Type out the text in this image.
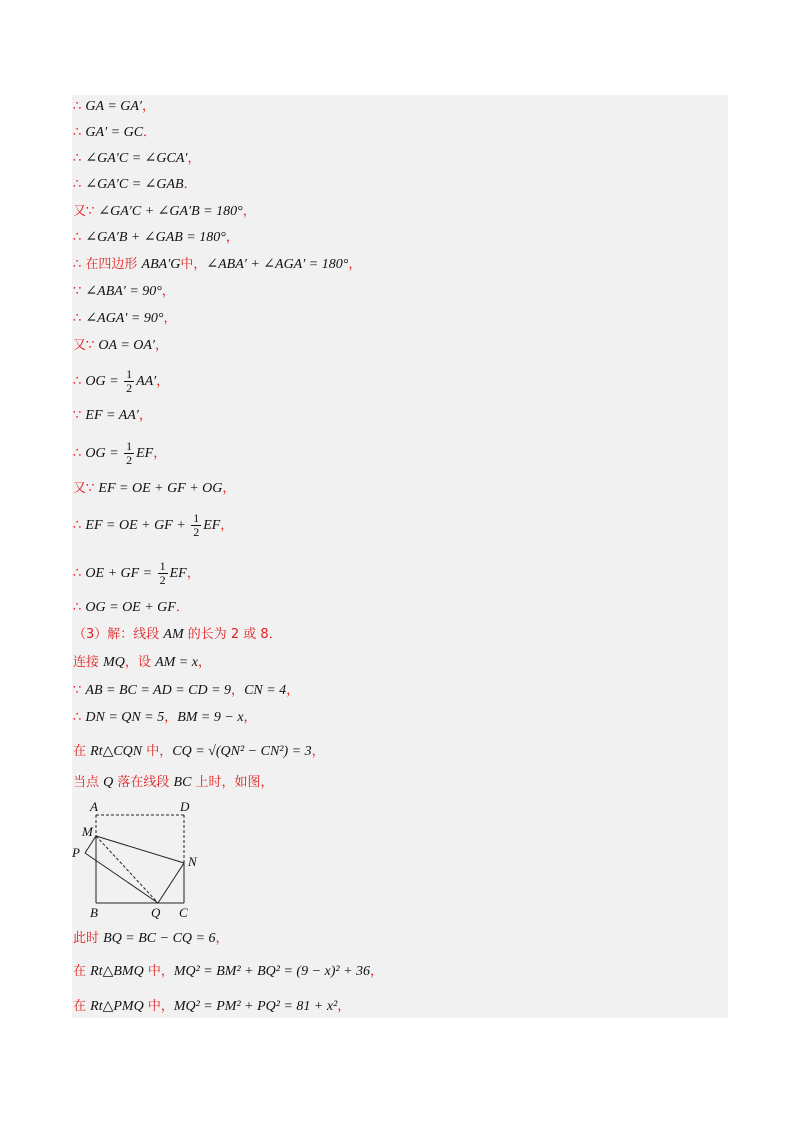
∴ GA = GA′，
∴ GA′ = GC．
∴ ∠GA′C = ∠GCA′，
∴ ∠GA′C = ∠GAB．
又∵ ∠GA′C + ∠GA′B = 180°，
∴ ∠GA′B + ∠GAB = 180°，
∴ 在四边形 ABA′G中，∠ABA′ + ∠AGA′ = 180°，
∵ ∠ABA′ = 90°，
∴ ∠AGA′ = 90°，
又∵ OA = OA′，
∴ OG = $\frac{1}{2} AA'$，
∵ EF = AA′，
∴ OG = $\frac{1}{2}$ EF，
又∵ EF = OE + GF + OG，
∴ EF = OE + GF + $\frac{1}{2}$ EF，
∴ OE + GF = $\frac{1}{2}$ EF，
∴ OG = OE + GF．
（3）解：线段 AM 的长为 2 或 8．
连接 MQ，设 AM = x，
∵ AB = BC = AD = CD = 9，CN = 4，
∴ DN = QN = 5，BM = 9 − x，
在 Rt△CQN 中，CQ = √(QN² − CN²) = 3，
当点 Q 落在线段 BC 上时，如图，
此时 BQ = BC − CQ = 6，
在 Rt△BMQ 中，MQ² = BM² + BQ² = (9 − x)² + 36，
在 Rt△PMQ 中，MQ² = PM² + PQ² = 81 + x²，
A	D
M
P
N
B	Q C
